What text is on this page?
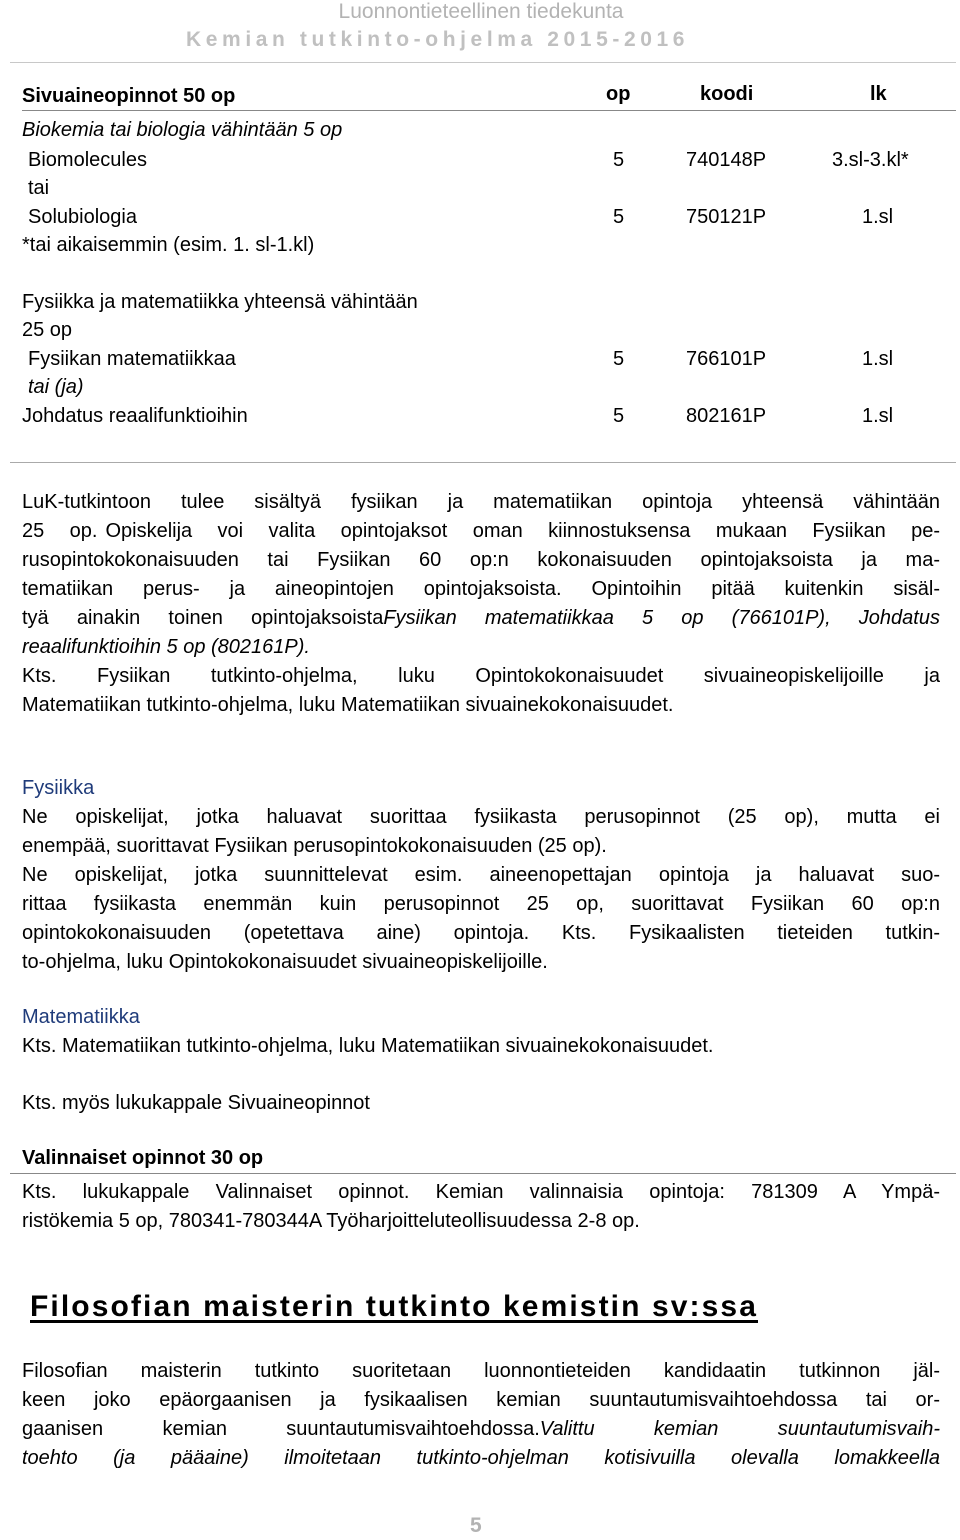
Luonnontieteellinen tiedekunta
Kemian tutkinto-ohjelma 2015-2016
Sivuaineopinnot 50 op	op	koodi	lk
Biokemia tai biologia vähintään 5 op
Biomolecules	5	740148P	3.sl-3.kl*
tai
Solubiologia	5	750121P	1.sl
*tai aikaisemmin (esim. 1. sl-1.kl)
Fysiikka ja matematiikka yhteensä vähintään
25 op
Fysiikan matematiikkaa	5	766101P	1.sl
tai (ja)
Johdatus reaalifunktioihin	5	802161P	1.sl
LuK-tutkintoon tulee sisältyä fysiikan ja matematiikan opintoja yhteensä vähintään
25 op. Opiskelija voi valita opintojaksot oman kiinnostuksensa mukaan Fysiikan pe-
rusopintokokonaisuuden tai Fysiikan 60 op:n kokonaisuuden opintojaksoista ja ma-
tematiikan perus- ja aineopintojen opintojaksoista. Opintoihin pitää kuitenkin sisäl-
tyä ainakin toinen opintojaksoistaFysiikan matematiikkaa 5 op (766101P), Johdatus
reaalifunktioihin 5 op (802161P).
Kts. Fysiikan tutkinto-ohjelma, luku Opintokokonaisuudet sivuaineopiskelijoille ja
Matematiikan tutkinto-ohjelma, luku Matematiikan sivuainekokonaisuudet.
Fysiikka
Ne opiskelijat, jotka haluavat suorittaa fysiikasta perusopinnot (25 op), mutta ei
enempää, suorittavat Fysiikan perusopintokokonaisuuden (25 op).
Ne opiskelijat, jotka suunnittelevat esim. aineenopettajan opintoja ja haluavat suo-
rittaa fysiikasta enemmän kuin perusopinnot 25 op, suorittavat Fysiikan 60 op:n
opintokokonaisuuden (opetettava aine) opintoja. Kts. Fysikaalisten tieteiden tutkin-
to-ohjelma, luku Opintokokonaisuudet sivuaineopiskelijoille.
Matematiikka
Kts. Matematiikan tutkinto-ohjelma, luku Matematiikan sivuainekokonaisuudet.
Kts. myös lukukappale Sivuaineopinnot
Valinnaiset opinnot 30 op
Kts. lukukappale Valinnaiset opinnot. Kemian valinnaisia opintoja: 781309 A Ympä-
ristökemia 5 op, 780341-780344A Työharjoitteluteollisuudessa 2-8 op.
Filosofian maisterin tutkinto kemistin sv:ssa
Filosofian maisterin tutkinto suoritetaan luonnontieteiden kandidaatin tutkinnon jäl-
keen joko epäorgaanisen ja fysikaalisen kemian suuntautumisvaihtoehdossa tai or-
gaanisen kemian suuntautumisvaihtoehdossa.Valittu kemian suuntautumisvaih-
toehto (ja pääaine) ilmoitetaan tutkinto-ohjelman kotisivuilla olevalla lomakkeella
5
